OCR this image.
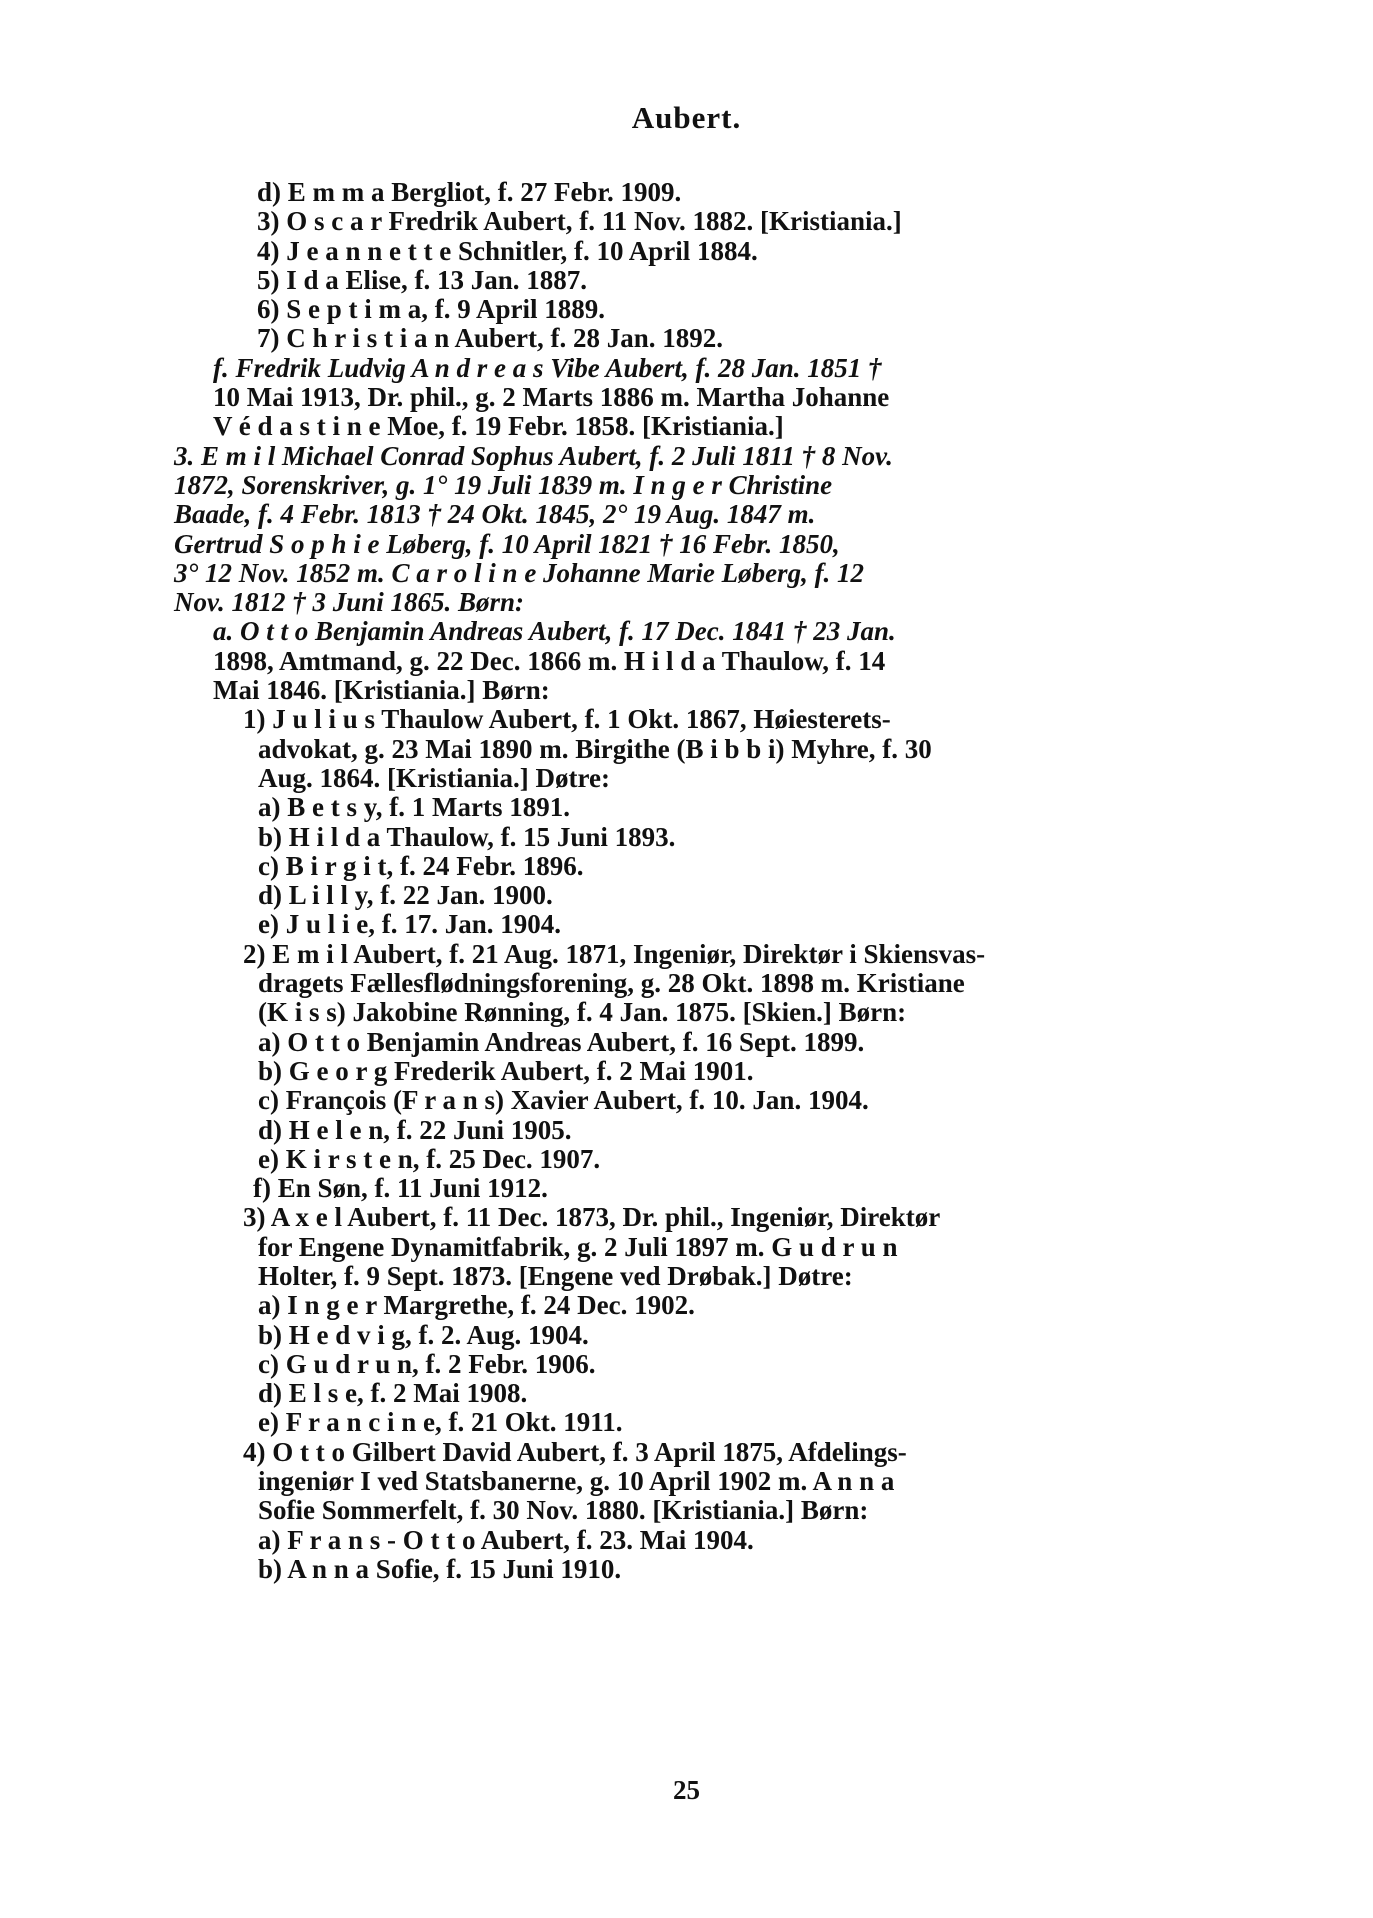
Aubert.
d) E m m a Bergliot, f. 27 Febr. 1909.
3) O s c a r Fredrik Aubert, f. 11 Nov. 1882. [Kristiania.]
4) J e a n n e t t e Schnitler, f. 10 April 1884.
5) I d a Elise, f. 13 Jan. 1887.
6) S e p t i m a, f. 9 April 1889.
7) C h r i s t i a n Aubert, f. 28 Jan. 1892.
f. Fredrik Ludvig A n d r e a s Vibe Aubert, f. 28 Jan. 1851 †
10 Mai 1913, Dr. phil., g. 2 Marts 1886 m. Martha Johanne
V é d a s t i n e Moe, f. 19 Febr. 1858. [Kristiania.]
3. E m i l Michael Conrad Sophus Aubert, f. 2 Juli 1811 † 8 Nov.
1872, Sorenskriver, g. 1° 19 Juli 1839 m. I n g e r Christine
Baade, f. 4 Febr. 1813 † 24 Okt. 1845, 2° 19 Aug. 1847 m.
Gertrud S o p h i e Løberg, f. 10 April 1821 † 16 Febr. 1850,
3° 12 Nov. 1852 m. C a r o l i n e Johanne Marie Løberg, f. 12
Nov. 1812 † 3 Juni 1865. Børn:
a. O t t o Benjamin Andreas Aubert, f. 17 Dec. 1841 † 23 Jan.
1898, Amtmand, g. 22 Dec. 1866 m. H i l d a Thaulow, f. 14
Mai 1846. [Kristiania.] Børn:
1) J u l i u s Thaulow Aubert, f. 1 Okt. 1867, Høiesterets-
advokat, g. 23 Mai 1890 m. Birgithe (B i b b i) Myhre, f. 30
Aug. 1864. [Kristiania.] Døtre:
a) B e t s y, f. 1 Marts 1891.
b) H i l d a Thaulow, f. 15 Juni 1893.
c) B i r g i t, f. 24 Febr. 1896.
d) L i l l y, f. 22 Jan. 1900.
e) J u l i e, f. 17. Jan. 1904.
2) E m i l Aubert, f. 21 Aug. 1871, Ingeniør, Direktør i Skiensvas-
dragets Fællesflødningsforening, g. 28 Okt. 1898 m. Kristiane
(K i s s) Jakobine Rønning, f. 4 Jan. 1875. [Skien.] Børn:
a) O t t o Benjamin Andreas Aubert, f. 16 Sept. 1899.
b) G e o r g Frederik Aubert, f. 2 Mai 1901.
c) François (F r a n s) Xavier Aubert, f. 10. Jan. 1904.
d) H e l e n, f. 22 Juni 1905.
e) K i r s t e n, f. 25 Dec. 1907.
f) En Søn, f. 11 Juni 1912.
3) A x e l Aubert, f. 11 Dec. 1873, Dr. phil., Ingeniør, Direktør
for Engene Dynamitfabrik, g. 2 Juli 1897 m. G u d r u n
Holter, f. 9 Sept. 1873. [Engene ved Drøbak.] Døtre:
a) I n g e r Margrethe, f. 24 Dec. 1902.
b) H e d v i g, f. 2. Aug. 1904.
c) G u d r u n, f. 2 Febr. 1906.
d) E l s e, f. 2 Mai 1908.
e) F r a n c i n e, f. 21 Okt. 1911.
4) O t t o Gilbert David Aubert, f. 3 April 1875, Afdelings-
ingeniør I ved Statsbanerne, g. 10 April 1902 m. A n n a
Sofie Sommerfelt, f. 30 Nov. 1880. [Kristiania.] Børn:
a) F r a n s - O t t o Aubert, f. 23. Mai 1904.
b) A n n a Sofie, f. 15 Juni 1910.
25
